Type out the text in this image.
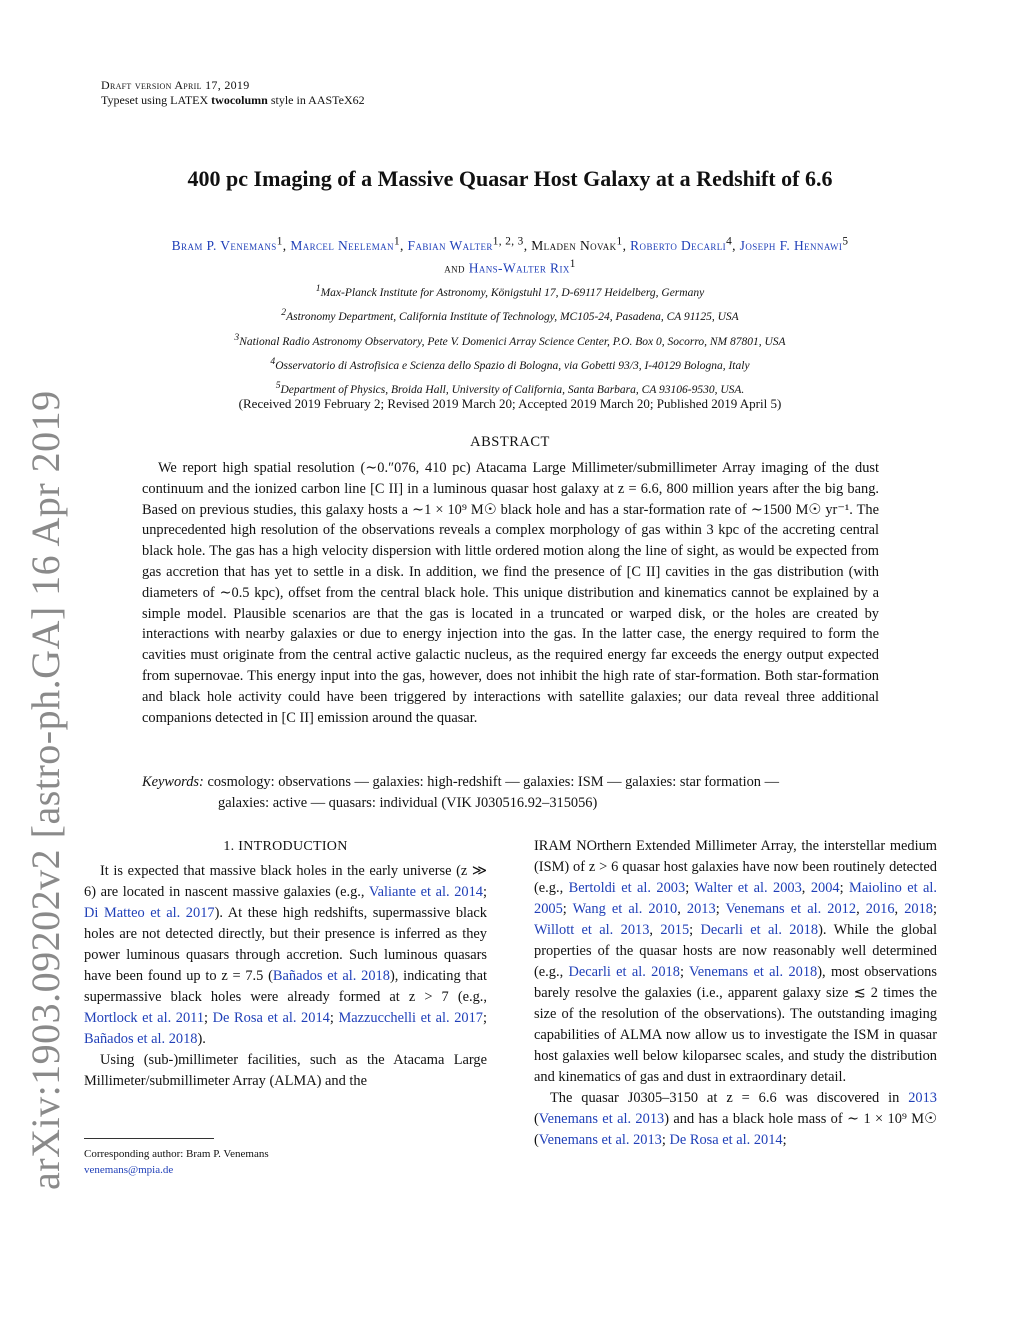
Draft version April 17, 2019
Typeset using LATEX twocolumn style in AASTeX62
arXiv:1903.09202v2 [astro-ph.GA] 16 Apr 2019
400 pc Imaging of a Massive Quasar Host Galaxy at a Redshift of 6.6
Bram P. Venemans$^1$, Marcel Neeleman$^1$, Fabian Walter$^{1, 2, 3}$, Mladen Novak$^1$, Roberto Decarli$^4$, Joseph F. Hennawi$^5$
and Hans-Walter Rix$^1$
$^1$Max-Planck Institute for Astronomy, Königstuhl 17, D-69117 Heidelberg, Germany
$^2$Astronomy Department, California Institute of Technology, MC105-24, Pasadena, CA 91125, USA
$^3$National Radio Astronomy Observatory, Pete V. Domenici Array Science Center, P.O. Box 0, Socorro, NM 87801, USA
$^4$Osservatorio di Astrofisica e Scienza dello Spazio di Bologna, via Gobetti 93/3, I-40129 Bologna, Italy
$^5$Department of Physics, Broida Hall, University of California, Santa Barbara, CA 93106-9530, USA.
(Received 2019 February 2; Revised 2019 March 20; Accepted 2019 March 20; Published 2019 April 5)
ABSTRACT
We report high spatial resolution (∼0.″076, 410 pc) Atacama Large Millimeter/submillimeter Array imaging of the dust continuum and the ionized carbon line [C II] in a luminous quasar host galaxy at z = 6.6, 800 million years after the big bang. Based on previous studies, this galaxy hosts a ∼1 × 10⁹ M☉ black hole and has a star-formation rate of ∼1500 M☉ yr⁻¹. The unprecedented high resolution of the observations reveals a complex morphology of gas within 3 kpc of the accreting central black hole. The gas has a high velocity dispersion with little ordered motion along the line of sight, as would be expected from gas accretion that has yet to settle in a disk. In addition, we find the presence of [C II] cavities in the gas distribution (with diameters of ∼0.5 kpc), offset from the central black hole. This unique distribution and kinematics cannot be explained by a simple model. Plausible scenarios are that the gas is located in a truncated or warped disk, or the holes are created by interactions with nearby galaxies or due to energy injection into the gas. In the latter case, the energy required to form the cavities must originate from the central active galactic nucleus, as the required energy far exceeds the energy output expected from supernovae. This energy input into the gas, however, does not inhibit the high rate of star-formation. Both star-formation and black hole activity could have been triggered by interactions with satellite galaxies; our data reveal three additional companions detected in [C II] emission around the quasar.
Keywords: cosmology: observations — galaxies: high-redshift — galaxies: ISM — galaxies: star formation —
galaxies: active — quasars: individual (VIK J030516.92–315056)
1. INTRODUCTION

It is expected that massive black holes in the early universe (z ≫ 6) are located in nascent massive galaxies (e.g., Valiante et al. 2014; Di Matteo et al. 2017). At these high redshifts, supermassive black holes are not detected directly, but their presence is inferred as they power luminous quasars through accretion. Such luminous quasars have been found up to z = 7.5 (Bañados et al. 2018), indicating that supermassive black holes were already formed at z > 7 (e.g., Mortlock et al. 2011; De Rosa et al. 2014; Mazzucchelli et al. 2017; Bañados et al. 2018).

Using (sub-)millimeter facilities, such as the Atacama Large Millimeter/submillimeter Array (ALMA) and the

IRAM NOrthern Extended Millimeter Array, the interstellar medium (ISM) of z > 6 quasar host galaxies have now been routinely detected (e.g., Bertoldi et al. 2003; Walter et al. 2003, 2004; Maiolino et al. 2005; Wang et al. 2010, 2013; Venemans et al. 2012, 2016, 2018; Willott et al. 2013, 2015; Decarli et al. 2018). While the global properties of the quasar hosts are now reasonably well determined (e.g., Decarli et al. 2018; Venemans et al. 2018), most observations barely resolve the galaxies (i.e., apparent galaxy size ≲ 2 times the size of the resolution of the observations). The outstanding imaging capabilities of ALMA now allow us to investigate the ISM in quasar host galaxies well below kiloparsec scales, and study the distribution and kinematics of gas and dust in extraordinary detail.

The quasar J0305–3150 at z = 6.6 was discovered in 2013 (Venemans et al. 2013) and has a black hole mass of ∼ 1 × 10⁹ M☉ (Venemans et al. 2013; De Rosa et al. 2014;

Corresponding author: Bram P. Venemans
venemans@mpia.de
